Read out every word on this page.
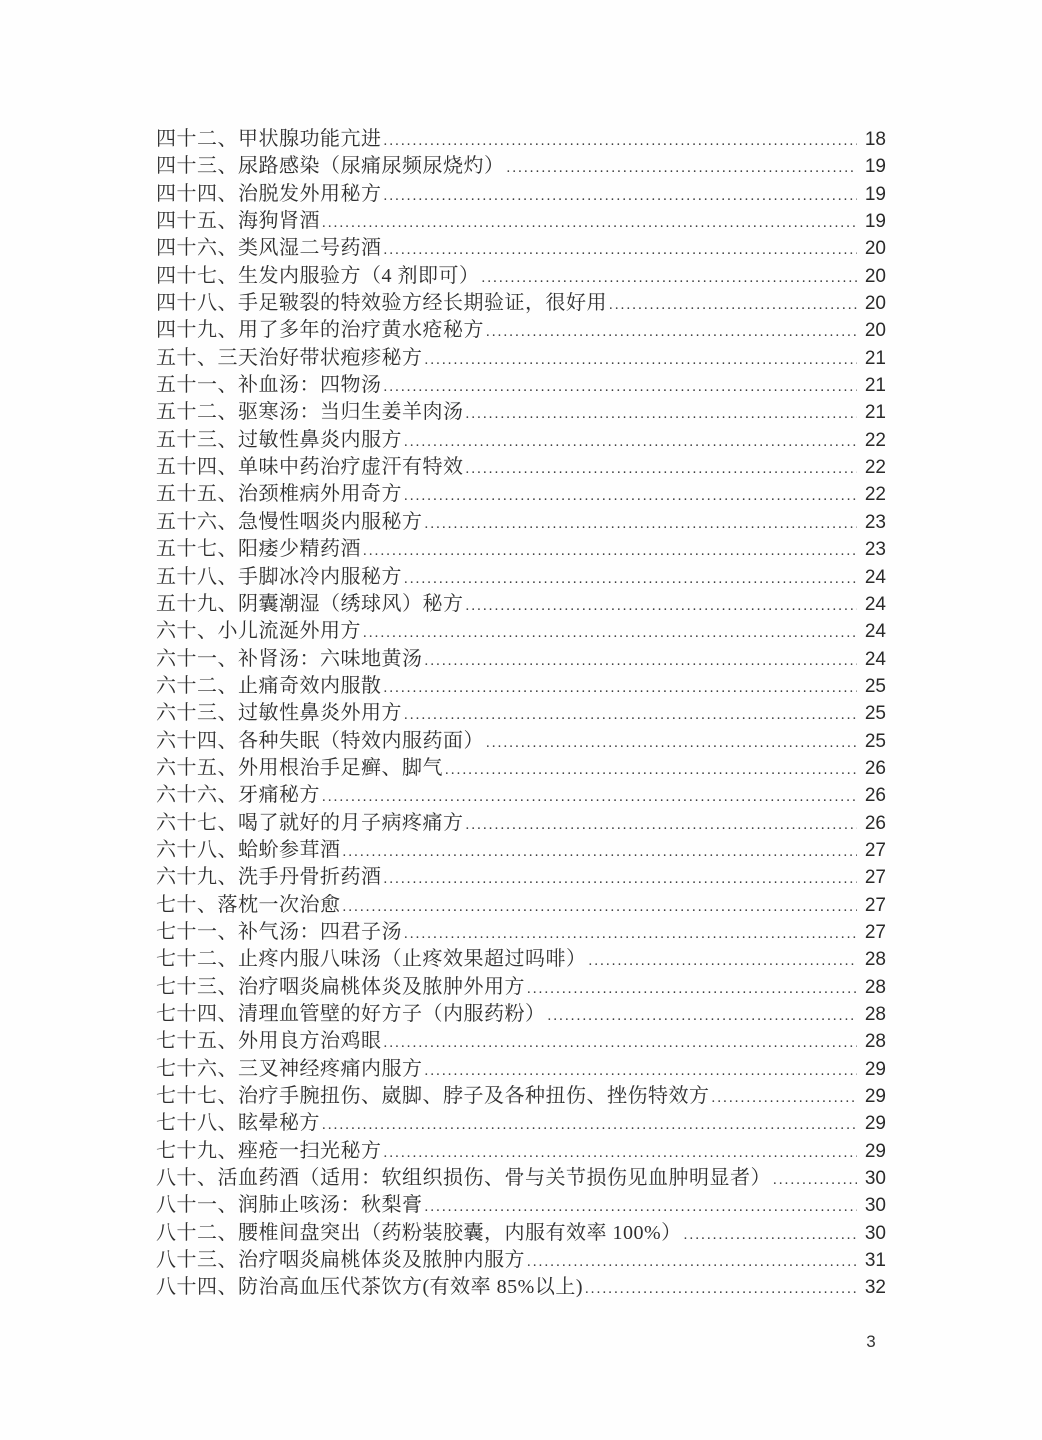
四十二、甲状腺功能亢进 .....	18
四十三、尿路感染（尿痛尿频尿烧灼） .....	19
四十四、治脱发外用秘方 .....	19
四十五、海狗肾酒 .....	19
四十六、类风湿二号药酒 .....	20
四十七、生发内服验方（4 剂即可） .....	20
四十八、手足皲裂的特效验方经长期验证，很好用 .....	20
四十九、用了多年的治疗黄水疮秘方 .....	20
五十、三天治好带状疱疹秘方 .....	21
五十一、补血汤：四物汤 .....	21
五十二、驱寒汤：当归生姜羊肉汤 .....	21
五十三、过敏性鼻炎内服方 .....	22
五十四、单味中药治疗虚汗有特效 .....	22
五十五、治颈椎病外用奇方 .....	22
五十六、急慢性咽炎内服秘方 .....	23
五十七、阳痿少精药酒 .....	23
五十八、手脚冰冷内服秘方 .....	24
五十九、阴囊潮湿（绣球风）秘方 .....	24
六十、小儿流涎外用方 .....	24
六十一、补肾汤：六味地黄汤 .....	24
六十二、止痛奇效内服散 .....	25
六十三、过敏性鼻炎外用方 .....	25
六十四、各种失眠（特效内服药面） .....	25
六十五、外用根治手足癣、脚气 .....	26
六十六、牙痛秘方 .....	26
六十七、喝了就好的月子病疼痛方 .....	26
六十八、蛤蚧参茸酒 .....	27
六十九、洗手丹骨折药酒 .....	27
七十、落枕一次治愈 .....	27
七十一、补气汤：四君子汤 .....	27
七十二、止疼内服八味汤（止疼效果超过吗啡） .....	28
七十三、治疗咽炎扁桃体炎及脓肿外用方 .....	28
七十四、清理血管壁的好方子（内服药粉） .....	28
七十五、外用良方治鸡眼 .....	28
七十六、三叉神经疼痛内服方 .....	29
七十七、治疗手腕扭伤、崴脚、脖子及各种扭伤、挫伤特效方 .....	29
七十八、眩晕秘方 .....	29
七十九、痤疮一扫光秘方 .....	29
八十、活血药酒（适用：软组织损伤、骨与关节损伤见血肿明显者） .....	30
八十一、润肺止咳汤：秋梨膏 .....	30
八十二、腰椎间盘突出（药粉装胶囊，内服有效率 100%） .....	30
八十三、治疗咽炎扁桃体炎及脓肿内服方 .....	31
八十四、防治高血压代茶饮方(有效率 85%以上) .....	32
3
